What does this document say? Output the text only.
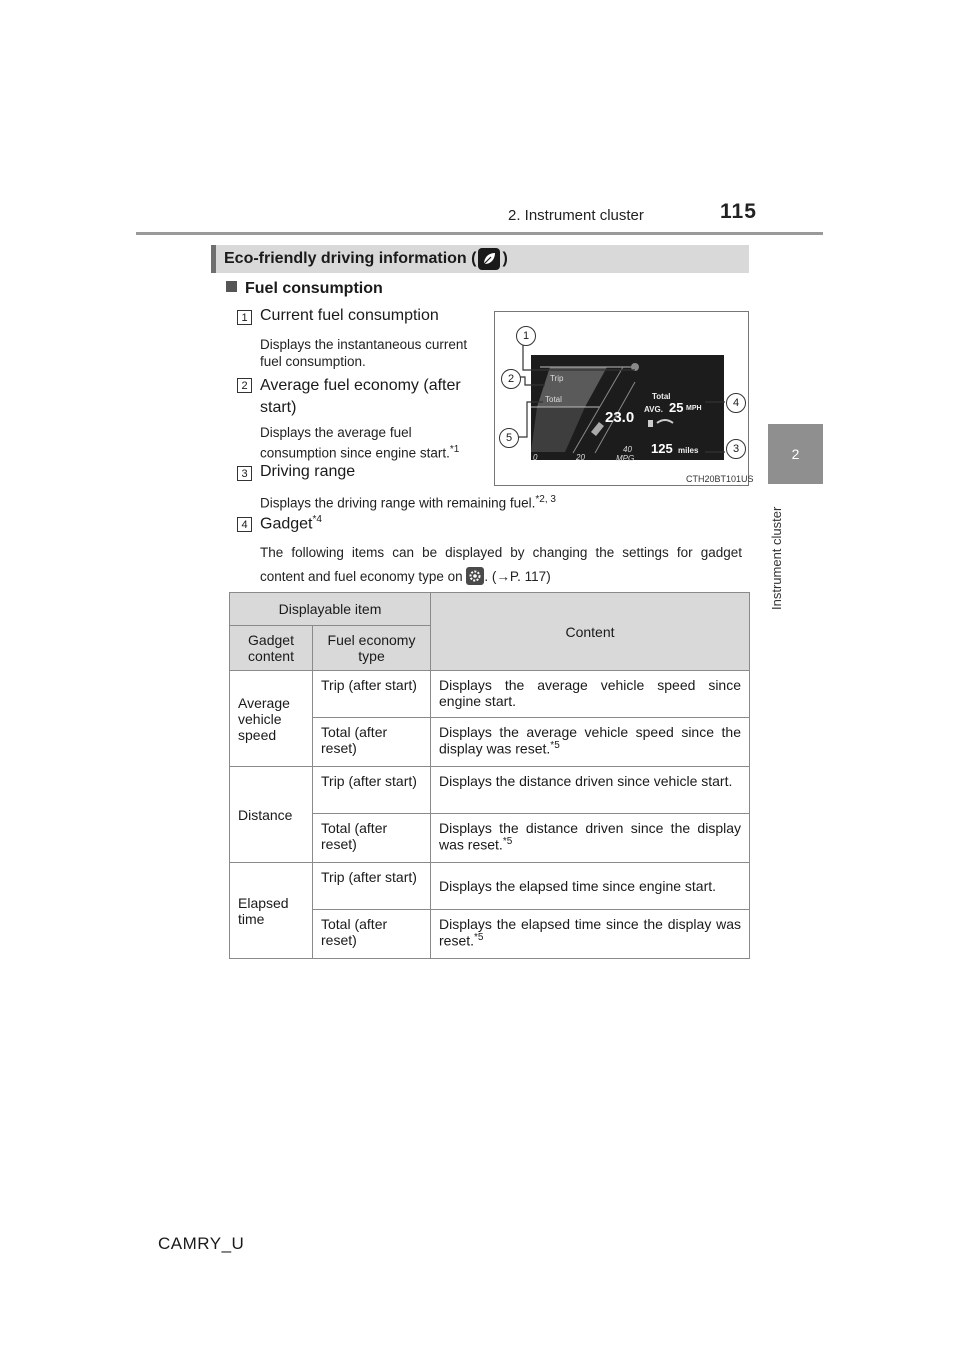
2. Instrument cluster	115
2
Instrument cluster
Eco-friendly driving information ( )
Fuel consumption
1 Current fuel consumption
Displays the instantaneous current fuel consumption.
2 Average fuel economy (after start)
Displays the average fuel consumption since engine start.$^{*1}$
3 Driving range
Displays the driving range with remaining fuel.$^{*2, 3}$
4 Gadget$^{*4}$
The following items can be displayed by changing the settings for gadget content and fuel economy type on . (→P. 117)
Trip
Total
23.0
0	20
40
MPG
Total
AVG. 25 MPH
125 miles
1
2
4
5
3
CTH20BT101US
Displayable item		Content
Gadget content	Fuel economy type	
Average vehicle speed	Trip (after start)	Displays the average vehicle speed since engine start.
	Total (after reset)	Displays the average vehicle speed since the display was reset.$^{*5}$
Distance	Trip (after start)	Displays the distance driven since vehicle start.
	Total (after reset)	Displays the distance driven since the display was reset.$^{*5}$
Elapsed time	Trip (after start)	Displays the elapsed time since engine start.
	Total (after reset)	Displays the elapsed time since the display was reset.$^{*5}$
CAMRY_U
